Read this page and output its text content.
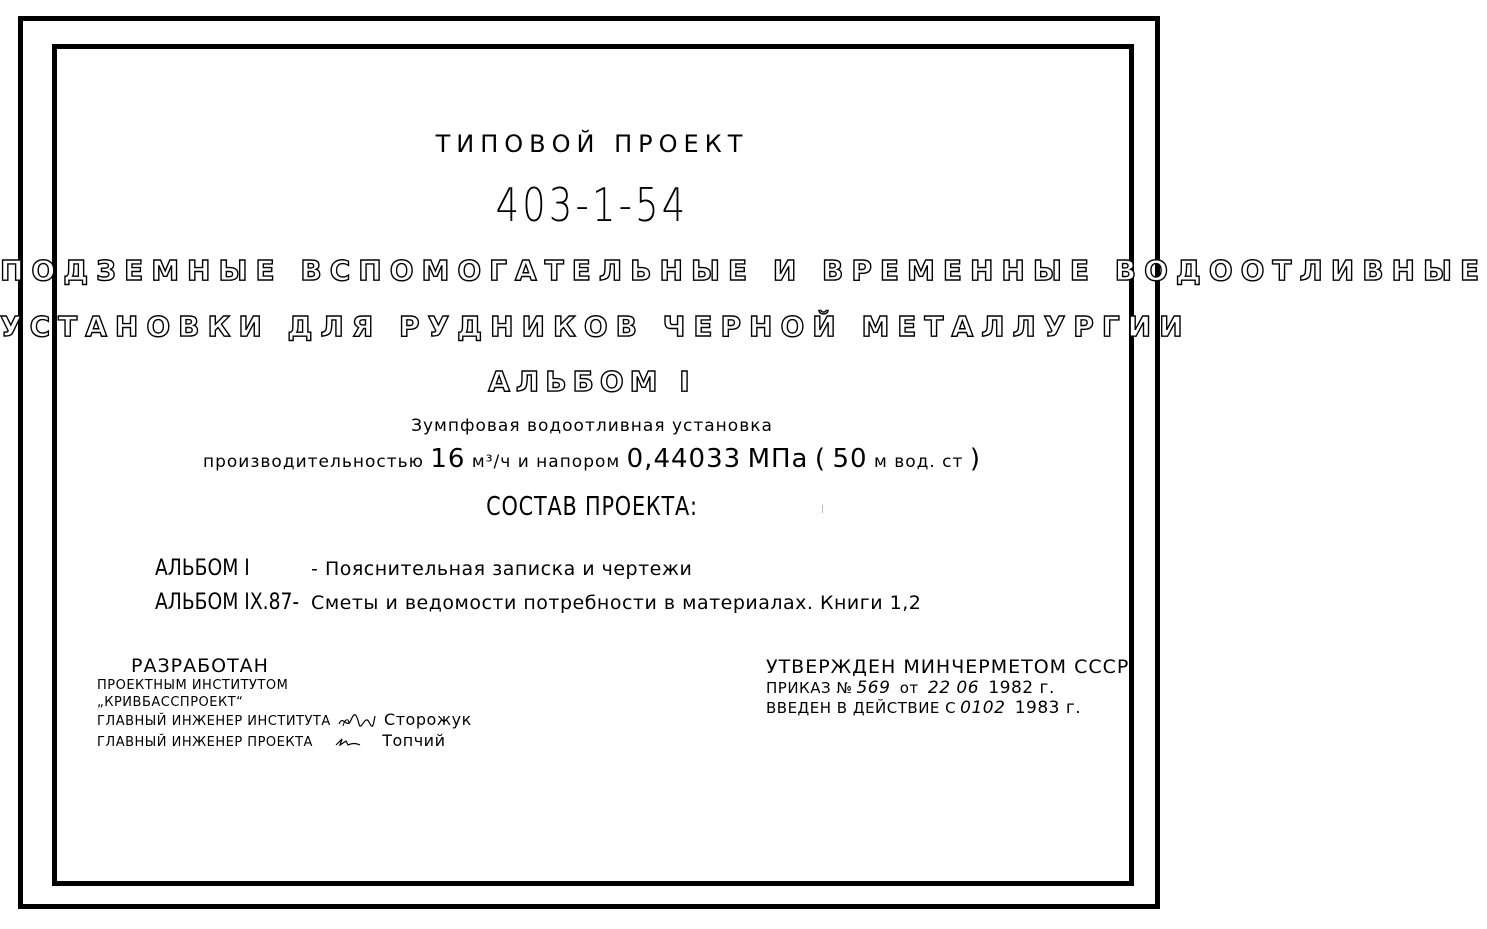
ТИПОВОЙ ПРОЕКТ
403-1-54
ПОДЗЕМНЫЕ ВСПОМОГАТЕЛЬНЫЕ И ВРЕМЕННЫЕ ВОДООТЛИВНЫЕ
УСТАНОВКИ ДЛЯ РУДНИКОВ ЧЕРНОЙ МЕТАЛЛУРГИИ
АЛЬБОМ I
Зумпфовая водоотливная установка
производительностью 16 м³/ч и напором 0,44033 МПа ( 50 м вод. ст )
СОСТАВ ПРОЕКТА:
АЛЬБОМ I	- Пояснительная записка и чертежи
АЛЬБОМ IX.87- Сметы и ведомости потребности в материалах. Книги 1,2
РАЗРАБОТАН
ПРОЕКТНЫМ ИНСТИТУТОМ
„КРИВБАССПРОЕКТ“
ГЛАВНЫЙ ИНЖЕНЕР ИНСТИТУТА	Сторожук
ГЛАВНЫЙ ИНЖЕНЕР ПРОЕКТА	Топчий
УТВЕРЖДЕН МИНЧЕРМЕТОМ СССР
ПРИКАЗ № 569 от 22 06 1982 г.
ВВЕДЕН В ДЕЙСТВИЕ С 0102 1983 г.
